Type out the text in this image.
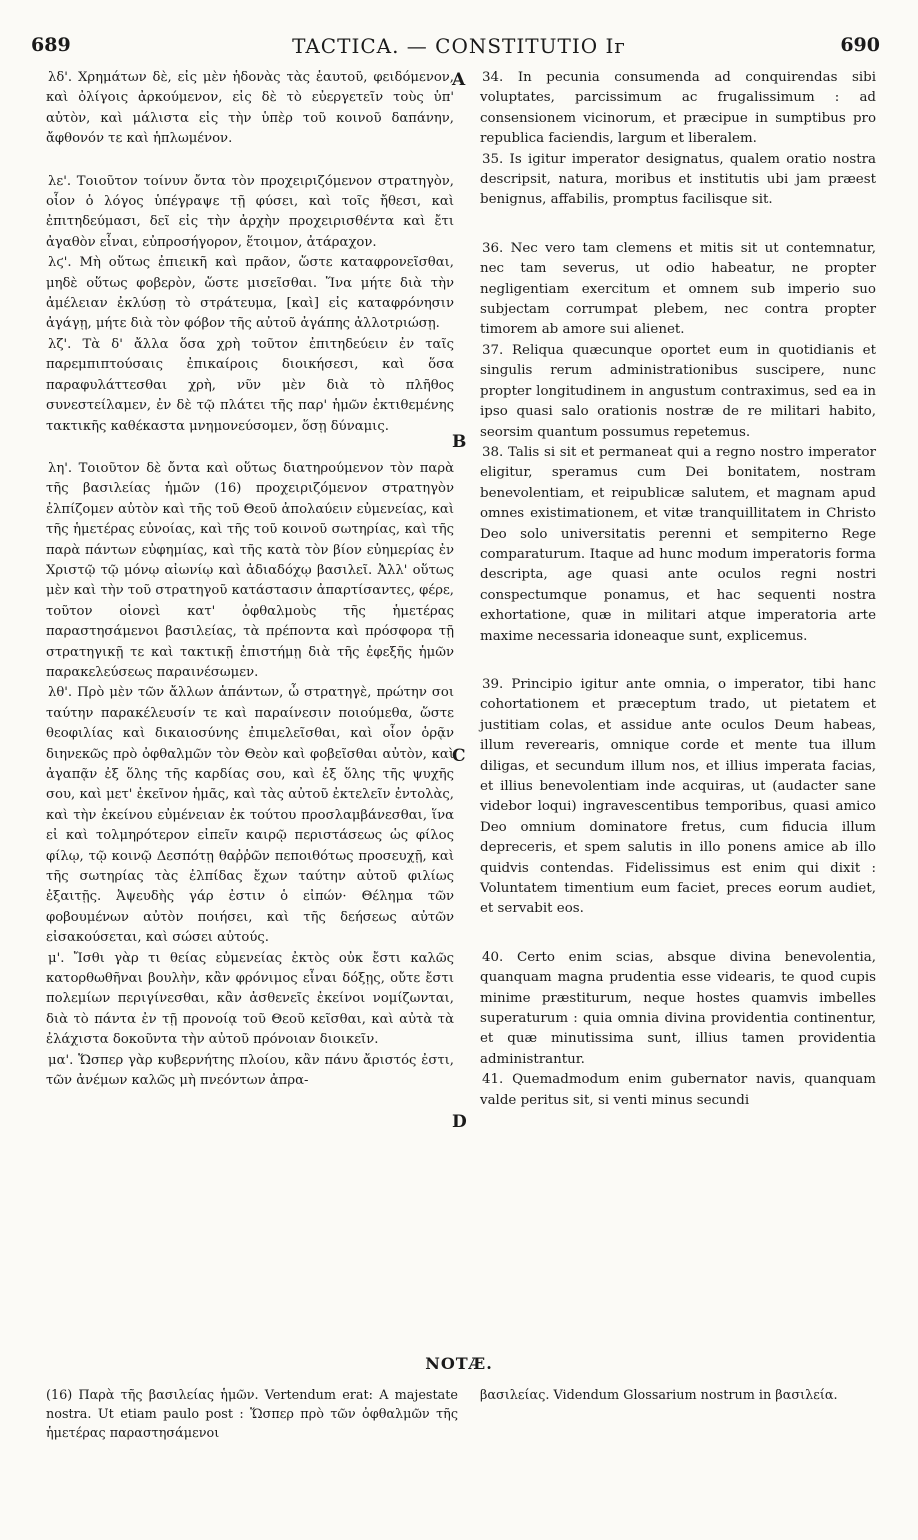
689	TACTICA. — CONSTITUTIO Iᴦ	690

λδ'. Χρημάτων δὲ, εἰς μὲν ἡδονὰς τὰς ἑαυτοῦ, φειδόμενον, καὶ ὀλίγοις ἀρκούμενον, εἰς δὲ τὸ εὐεργετεῖν τοὺς ὑπ' αὐτὸν, καὶ μάλιστα εἰς τὴν ὑπὲρ τοῦ κοινοῦ δαπάνην, ἄφθονόν τε καὶ ἡπλωμένον.

λε'. Τοιοῦτον τοίνυν ὄντα τὸν προχειριζόμενον στρατηγὸν, οἷον ὁ λόγος ὑπέγραψε τῇ φύσει, καὶ τοῖς ἤθεσι, καὶ ἐπιτηδεύμασι, δεῖ εἰς τὴν ἀρχὴν προχειρισθέντα καὶ ἔτι ἀγαθὸν εἶναι, εὐπροσήγορον, ἕτοιμον, ἀτάραχον.

λϛ'. Μὴ οὕτως ἐπιεικῆ καὶ πρᾶον, ὥστε καταφρονεῖσθαι, μηδὲ οὕτως φοβερὸν, ὥστε μισεῖσθαι. Ἵνα μήτε διὰ τὴν ἀμέλειαν ἐκλύσῃ τὸ στράτευμα, [καὶ] εἰς καταφρόνησιν ἀγάγῃ, μήτε διὰ τὸν φόβον τῆς αὐτοῦ ἀγάπης ἀλλοτριώσῃ.

λζ'. Τὰ δ' ἄλλα ὅσα χρὴ τοῦτον ἐπιτηδεύειν ἐν ταῖς παρεμπιπτούσαις ἐπικαίροις διοικήσεσι, καὶ ὅσα παραφυλάττεσθαι χρὴ, νῦν μὲν διὰ τὸ πλῆθος συνεστείλαμεν, ἐν δὲ τῷ πλάτει τῆς παρ' ἡμῶν ἐκτιθεμένης τακτικῆς καθέκαστα μνημονεύσομεν, ὅσῃ δύναμις.

λη'. Τοιοῦτον δὲ ὄντα καὶ οὕτως διατηρούμενον τὸν παρὰ τῆς βασιλείας ἡμῶν (16) προχειριζόμενον στρατηγὸν ἐλπίζομεν αὐτὸν καὶ τῆς τοῦ Θεοῦ ἀπολαύειν εὐμενείας, καὶ τῆς ἡμετέρας εὐνοίας, καὶ τῆς τοῦ κοινοῦ σωτηρίας, καὶ τῆς παρὰ πάντων εὐφημίας, καὶ τῆς κατὰ τὸν βίον εὐημερίας ἐν Χριστῷ τῷ μόνῳ αἰωνίῳ καὶ ἀδιαδόχῳ βασιλεῖ. Ἀλλ' οὕτως μὲν καὶ τὴν τοῦ στρατηγοῦ κατάστασιν ἀπαρτίσαντες, φέρε, τοῦτον οἱονεὶ κατ' ὀφθαλμοὺς τῆς ἡμετέρας παραστησάμενοι βασιλείας, τὰ πρέποντα καὶ πρόσφορα τῇ στρατηγικῇ τε καὶ τακτικῇ ἐπιστήμῃ διὰ τῆς ἐφεξῆς ἡμῶν παρακελεύσεως παραινέσωμεν.

λθ'. Πρὸ μὲν τῶν ἄλλων ἁπάντων, ὦ στρατηγὲ, πρώτην σοι ταύτην παρακέλευσίν τε καὶ παραίνεσιν ποιούμεθα, ὥστε θεοφιλίας καὶ δικαιοσύνης ἐπιμελεῖσθαι, καὶ οἷον ὁρᾷν διηνεκῶς πρὸ ὀφθαλμῶν τὸν Θεὸν καὶ φοβεῖσθαι αὐτὸν, καὶ ἀγαπᾷν ἐξ ὅλης τῆς καρδίας σου, καὶ ἐξ ὅλης τῆς ψυχῆς σου, καὶ μετ' ἐκεῖνον ἡμᾶς, καὶ τὰς αὐτοῦ ἐκτελεῖν ἐντολὰς, καὶ τὴν ἐκείνου εὐμένειαν ἐκ τούτου προσλαμβάνεσθαι, ἵνα εἰ καὶ τολμηρότερον εἰπεῖν καιρῷ περιστάσεως ὡς φίλος φίλῳ, τῷ κοινῷ Δεσπότῃ θαῤῥῶν πεποιθότως προσευχῇ, καὶ τῆς σωτηρίας τὰς ἐλπίδας ἔχων ταύτην αὐτοῦ φιλίως ἐξαιτῇς. Ἀψευδὴς γάρ ἐστιν ὁ εἰπών· Θέλημα τῶν φοβουμένων αὐτὸν ποιήσει, καὶ τῆς δεήσεως αὐτῶν εἰσακούσεται, καὶ σώσει αὐτούς.

μ'. Ἴσθι γὰρ τι θείας εὐμενείας ἐκτὸς οὐκ ἔστι καλῶς κατορθωθῆναι βουλὴν, κἂν φρόνιμος εἶναι δόξῃς, οὔτε ἔστι πολεμίων περιγίνεσθαι, κἂν ἀσθενεῖς ἐκείνοι νομίζωνται, διὰ τὸ πάντα ἐν τῇ προνοίᾳ τοῦ Θεοῦ κεῖσθαι, καὶ αὐτὰ τὰ ἐλάχιστα δοκοῦντα τὴν αὐτοῦ πρόνοιαν διοικεῖν.

μα'. Ὥσπερ γὰρ κυβερνήτης πλοίου, κἂν πάνυ ἄριστός ἐστι, τῶν ἀνέμων καλῶς μὴ πνεόντων ἀπρα-

A
B
C
D

34. In pecunia consumenda ad conquirendas sibi voluptates, parcissimum ac frugalissimum : ad consensionem vicinorum, et præcipue in sumptibus pro republica faciendis, largum et liberalem.

35. Is igitur imperator designatus, qualem oratio nostra descripsit, natura, moribus et institutis ubi jam præest benignus, affabilis, promptus facilisque sit.

36. Nec vero tam clemens et mitis sit ut contemnatur, nec tam severus, ut odio habeatur, ne propter negligentiam exercitum et omnem sub imperio suo subjectam corrumpat plebem, nec contra propter timorem ab amore sui alienet.

37. Reliqua quæcunque oportet eum in quotidianis et singulis rerum administrationibus suscipere, nunc propter longitudinem in angustum contraximus, sed ea in ipso quasi salo orationis nostræ de re militari habito, seorsim quantum possumus repetemus.

38. Talis si sit et permaneat qui a regno nostro imperator eligitur, speramus cum Dei bonitatem, nostram benevolentiam, et reipublicæ salutem, et magnam apud omnes existimationem, et vitæ tranquillitatem in Christo Deo solo universitatis perenni et sempiterno Rege comparaturum. Itaque ad hunc modum imperatoris forma descripta, age quasi ante oculos regni nostri conspectumque ponamus, et hac sequenti nostra exhortatione, quæ in militari atque imperatoria arte maxime necessaria idoneaque sunt, explicemus.

39. Principio igitur ante omnia, o imperator, tibi hanc cohortationem et præceptum trado, ut pietatem et justitiam colas, et assidue ante oculos Deum habeas, illum reverearis, omnique corde et mente tua illum diligas, et secundum illum nos, et illius imperata facias, et illius benevolentiam inde acquiras, ut (audacter sane videbor loqui) ingravescentibus temporibus, quasi amico Deo omnium dominatore fretus, cum fiducia illum depreceris, et spem salutis in illo ponens amice ab illo quidvis contendas. Fidelissimus est enim qui dixit : Voluntatem timentium eum faciet, preces eorum audiet, et servabit eos.

40. Certo enim scias, absque divina benevolentia, quanquam magna prudentia esse videaris, te quod cupis minime præstiturum, neque hostes quamvis imbelles superaturum : quia omnia divina providentia continentur, et quæ minutissima sunt, illius tamen providentia administrantur.

41. Quemadmodum enim gubernator navis, quanquam valde peritus sit, si venti minus secundi

NOTÆ.
(16) Παρὰ τῆς βασιλείας ἡμῶν. Vertendum erat: A majestate nostra. Ut etiam paulo post : Ὥσπερ πρὸ τῶν ὀφθαλμῶν τῆς ἡμετέρας παραστησάμενοι
βασιλείας. Videndum Glossarium nostrum in βασιλεία.
